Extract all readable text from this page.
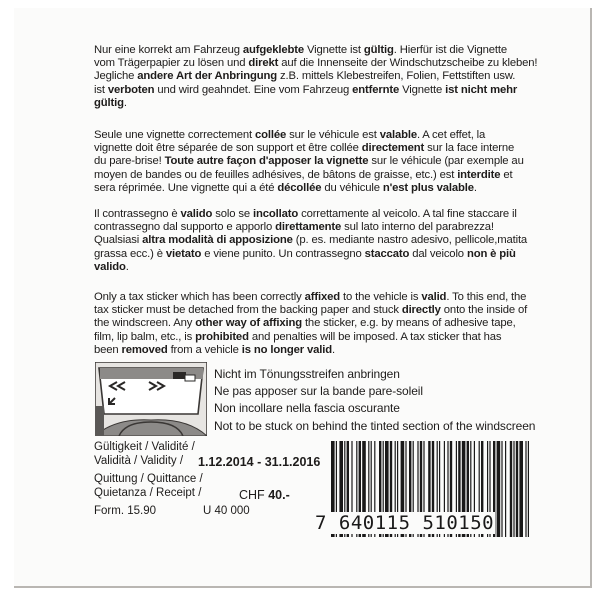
Nur eine korrekt am Fahrzeug aufgeklebte Vignette ist gültig. Hierfür ist die Vignette
vom Trägerpapier zu lösen und direkt auf die Innenseite der Windschutzscheibe zu kleben!
Jegliche andere Art der Anbringung z.B. mittels Klebestreifen, Folien, Fettstiften usw.
ist verboten und wird geahndet. Eine vom Fahrzeug entfernte Vignette ist nicht mehr
gültig.
Seule une vignette correctement collée sur le véhicule est valable. A cet effet, la
vignette doit être séparée de son support et être collée directement sur la face interne
du pare-brise! Toute autre façon d'apposer la vignette sur le véhicule (par exemple au
moyen de bandes ou de feuilles adhésives, de bâtons de graisse, etc.) est interdite et
sera réprimée. Une vignette qui a été décollée du véhicule n'est plus valable.
Il contrassegno è valido solo se incollato correttamente al veicolo. A tal fine staccare il
contrassegno dal supporto e apporlo direttamente sul lato interno del parabrezza!
Qualsiasi altra modalità di apposizione (p. es. mediante nastro adesivo, pellicole,matita
grassa ecc.) è vietato e viene punito. Un contrassegno staccato dal veicolo non è più
valido.
Only a tax sticker which has been correctly affixed to the vehicle is valid. To this end, the
tax sticker must be detached from the backing paper and stuck directly onto the inside of
the windscreen. Any other way of affixing the sticker, e.g. by means of adhesive tape,
film, lip balm, etc., is prohibited and penalties will be imposed. A tax sticker that has
been removed from a vehicle is no longer valid.
Nicht im Tönungsstreifen anbringen
Ne pas apposer sur la bande pare-soleil
Non incollare nella fascia oscurante
Not to be stuck on behind the tinted section of the windscreen
Gültigkeit / Validité /
Validità / Validity /	1.12.2014 - 31.1.2016
Quittung / Quittance /
Quietanza / Receipt /	CHF 40.-
Form. 15.90	U 40 000
7 640115 510150
